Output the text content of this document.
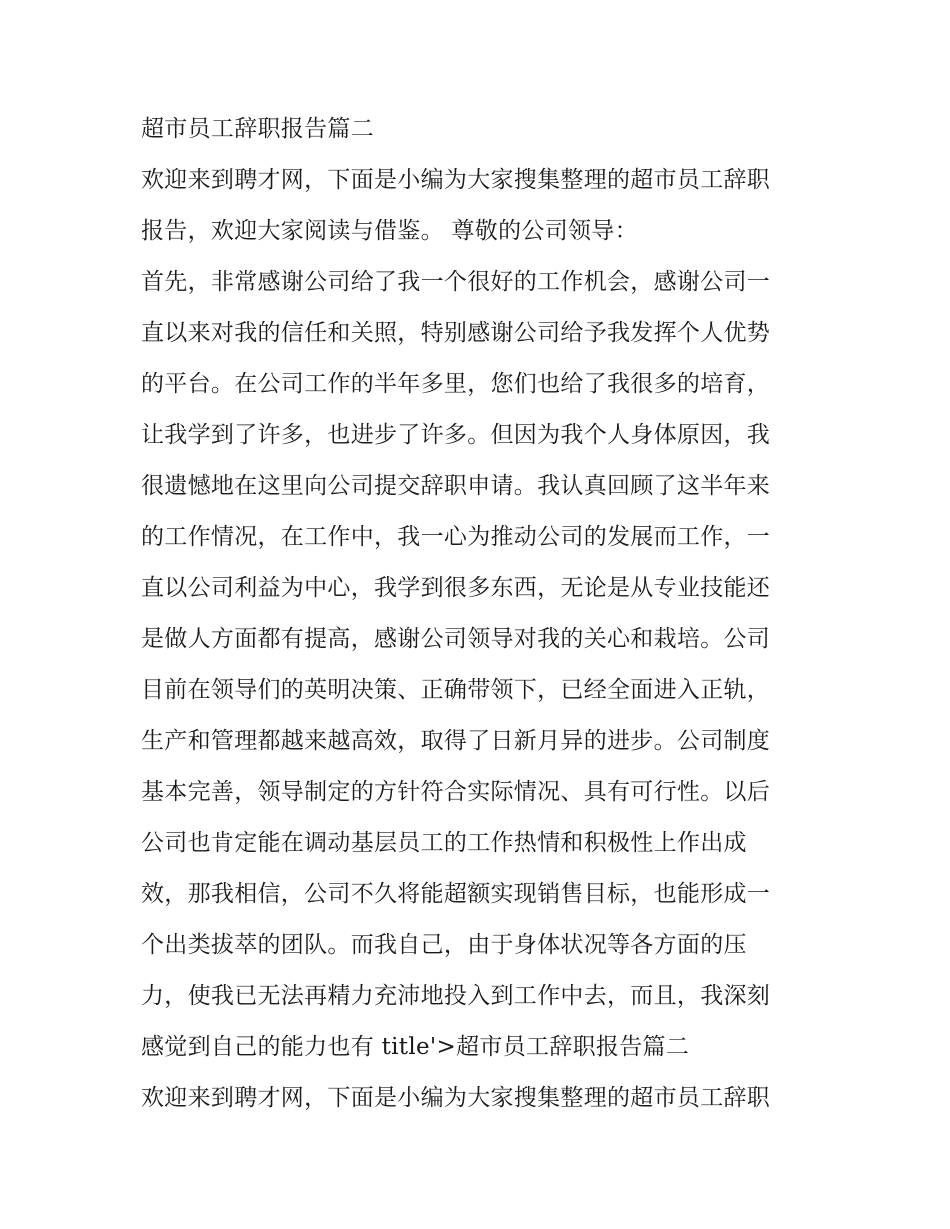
超市员工辞职报告篇二
欢迎来到聘才网，下面是小编为大家搜集整理的超市员工辞职
报告，欢迎大家阅读与借鉴。 尊敬的公司领导：
首先，非常感谢公司给了我一个很好的工作机会，感谢公司一
直以来对我的信任和关照，特别感谢公司给予我发挥个人优势
的平台。在公司工作的半年多里，您们也给了我很多的培育，
让我学到了许多，也进步了许多。但因为我个人身体原因，我
很遗憾地在这里向公司提交辞职申请。我认真回顾了这半年来
的工作情况，在工作中，我一心为推动公司的发展而工作，一
直以公司利益为中心，我学到很多东西，无论是从专业技能还
是做人方面都有提高，感谢公司领导对我的关心和栽培。公司
目前在领导们的英明决策、正确带领下，已经全面进入正轨，
生产和管理都越来越高效，取得了日新月异的进步。公司制度
基本完善，领导制定的方针符合实际情况、具有可行性。以后
公司也肯定能在调动基层员工的工作热情和积极性上作出成
效，那我相信，公司不久将能超额实现销售目标，也能形成一
个出类拔萃的团队。而我自己，由于身体状况等各方面的压
力，使我已无法再精力充沛地投入到工作中去，而且，我深刻
感觉到自己的能力也有 title'>超市员工辞职报告篇二
欢迎来到聘才网，下面是小编为大家搜集整理的超市员工辞职
